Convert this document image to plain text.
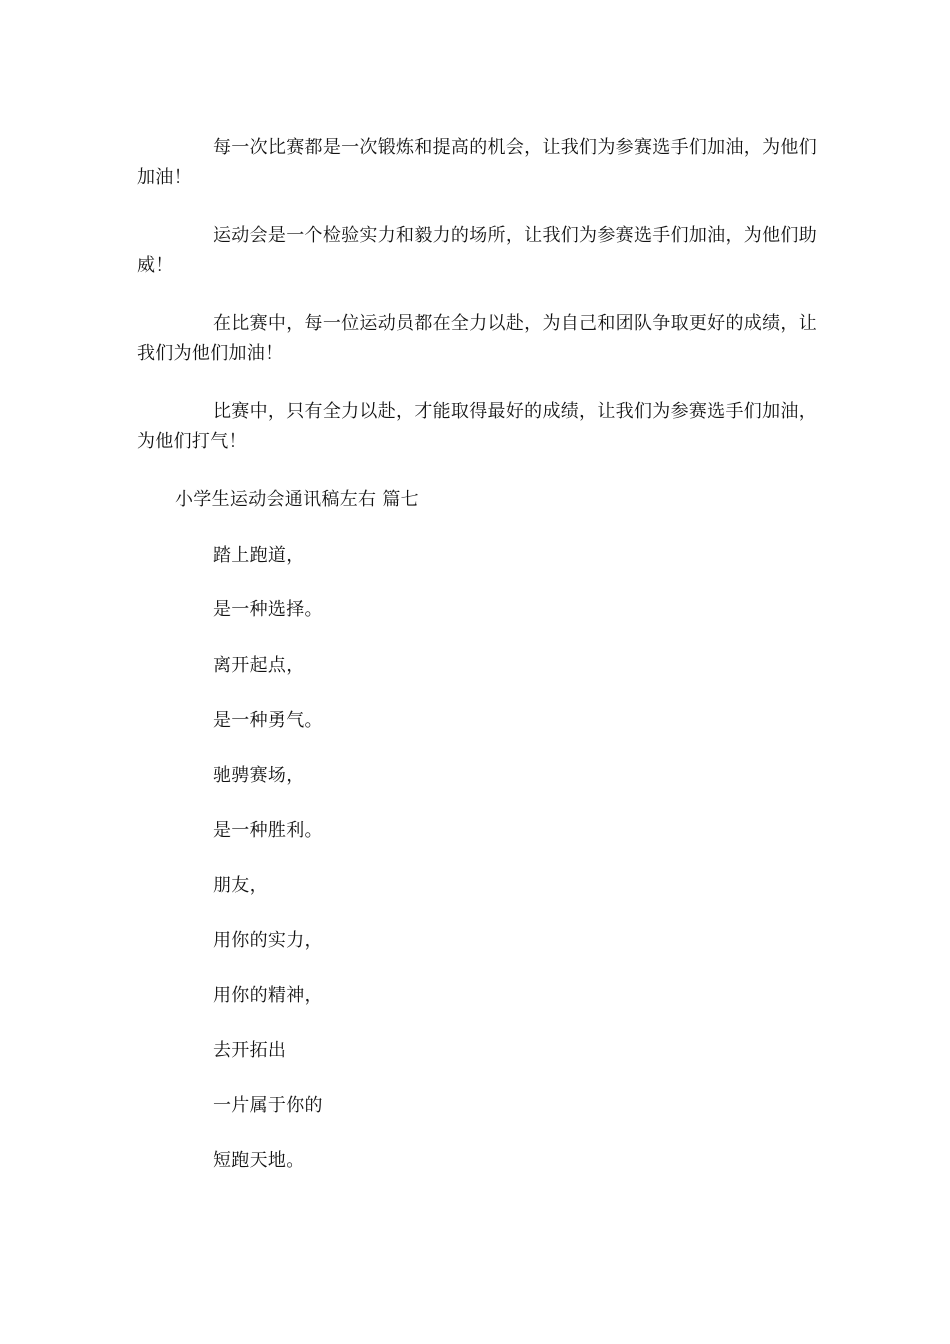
每一次比赛都是一次锻炼和提高的机会，让我们为参赛选手们加油，为他们加油！

运动会是一个检验实力和毅力的场所，让我们为参赛选手们加油，为他们助威！

在比赛中，每一位运动员都在全力以赴，为自己和团队争取更好的成绩，让我们为他们加油！

比赛中，只有全力以赴，才能取得最好的成绩，让我们为参赛选手们加油，为他们打气！

小学生运动会通讯稿左右 篇七

踏上跑道，

是一种选择。

离开起点，

是一种勇气。

驰骋赛场，

是一种胜利。

朋友，

用你的实力，

用你的精神，

去开拓出

一片属于你的

短跑天地。
